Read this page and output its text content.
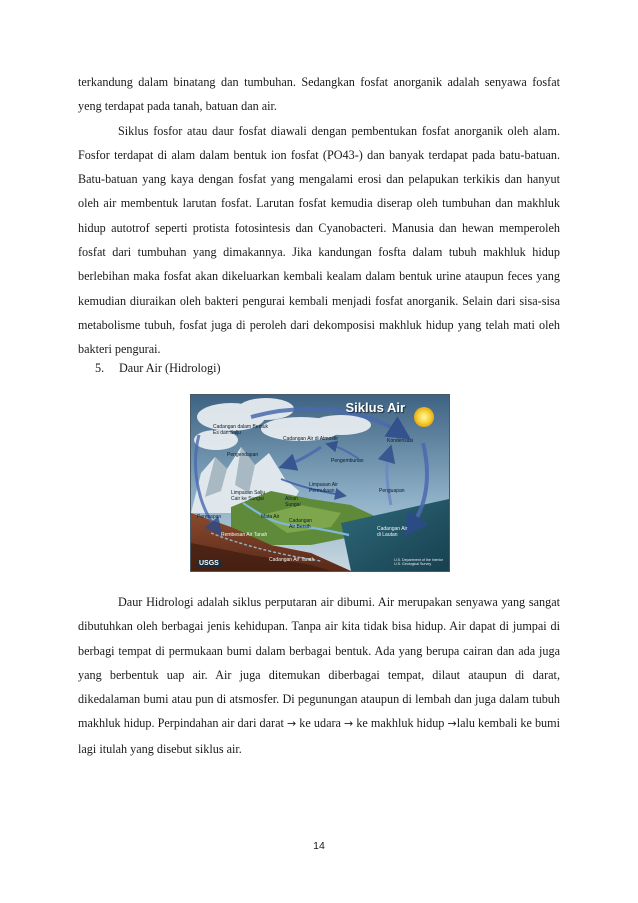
terkandung dalam binatang dan tumbuhan. Sedangkan fosfat anorganik adalah senyawa fosfat yeng terdapat pada tanah, batuan dan air.

Siklus fosfor atau daur fosfat diawali dengan pembentukan fosfat anorganik oleh alam. Fosfor terdapat di alam dalam bentuk ion fosfat (PO43-) dan banyak terdapat pada batu-batuan. Batu-batuan yang kaya dengan fosfat yang mengalami erosi dan pelapukan terkikis dan hanyut oleh air membentuk larutan fosfat. Larutan fosfat kemudia diserap oleh tumbuhan dan makhluk hidup autotrof seperti protista fotosintesis dan Cyanobacteri. Manusia dan hewan memperoleh fosfat dari tumbuhan yang dimakannya. Jika kandungan fosfta dalam tubuh makhluk hidup berlebihan maka fosfat akan dikeluarkan kembali kealam dalam bentuk urine ataupun feces yang kemudian diuraikan oleh bakteri pengurai kembali menjadi fosfat anorganik. Selain dari sisa-sisa metabolisme tubuh, fosfat juga di peroleh dari dekomposisi makhluk hidup yang telah mati oleh bakteri pengurai.

5. Daur Air (Hidrologi)
Siklus Air
Cadangan dalam Bentuk
Es dan Salju
Cadangan Air di Atmosfir	Kondensasi
Pengembunan
Pengendapan
Penguapan
Limpasan Air
Permukaan
Limpasan Salju
Cair ke Sungai	Aliran
Sungai
Peresapan	Mata Air
Cadangan
Air Bersih
Rembesan Air Tanah
Cadangan Air
di Lautan
Cadangan Air Tanah
USGS	U.S. Department of the Interior
U.S. Geological Survey

Daur Hidrologi adalah siklus perputaran air dibumi. Air merupakan senyawa yang sangat dibutuhkan oleh berbagai jenis kehidupan. Tanpa air kita tidak bisa hidup. Air dapat di jumpai di berbagi tempat di permukaan bumi dalam berbagai bentuk. Ada yang berupa cairan dan ada juga yang berbentuk uap air. Air juga ditemukan diberbagai tempat, dilaut ataupun di darat, dikedalaman bumi atau pun di atsmosfer. Di pegunungan ataupun di lembah dan juga dalam tubuh makhluk hidup. Perpindahan air dari darat → ke udara → ke makhluk hidup →lalu kembali ke bumi lagi itulah yang disebut siklus air.

14
